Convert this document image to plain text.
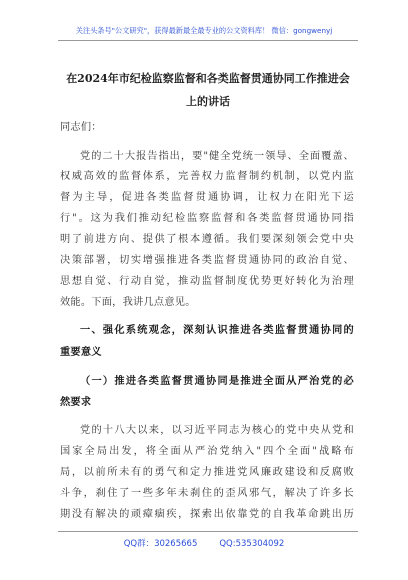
关注头条号"公文研究"，获得最新最全最专业的公文资料库！ 微信：gongwenyj
在2024年市纪检监察监督和各类监督贯通协同工作推进会
上的讲话
同志们：
党的二十大报告指出，要"健全党统一领导、全面覆盖、
权威高效的监督体系，完善权力监督制约机制，以党内监
督为主导，促进各类监督贯通协调，让权力在阳光下运
行"。这为我们推动纪检监察监督和各类监督贯通协同指
明了前进方向、提供了根本遵循。我们要深刻领会党中央
决策部署，切实增强推进各类监督贯通协同的政治自觉、
思想自觉、行动自觉，推动监督制度优势更好转化为治理
效能。下面，我讲几点意见。
一、强化系统观念，深刻认识推进各类监督贯通协同的
重要意义
（一）推进各类监督贯通协同是推进全面从严治党的必
然要求
党的十八大以来，以习近平同志为核心的党中央从党和
国家全局出发，将全面从严治党纳入"四个全面"战略布
局，以前所未有的勇气和定力推进党风廉政建设和反腐败
斗争，刹住了一些多年未刹住的歪风邪气，解决了许多长
期没有解决的顽瘴痼疾，探索出依靠党的自我革命跳出历
QQ群：30265665	QQ:535304092
